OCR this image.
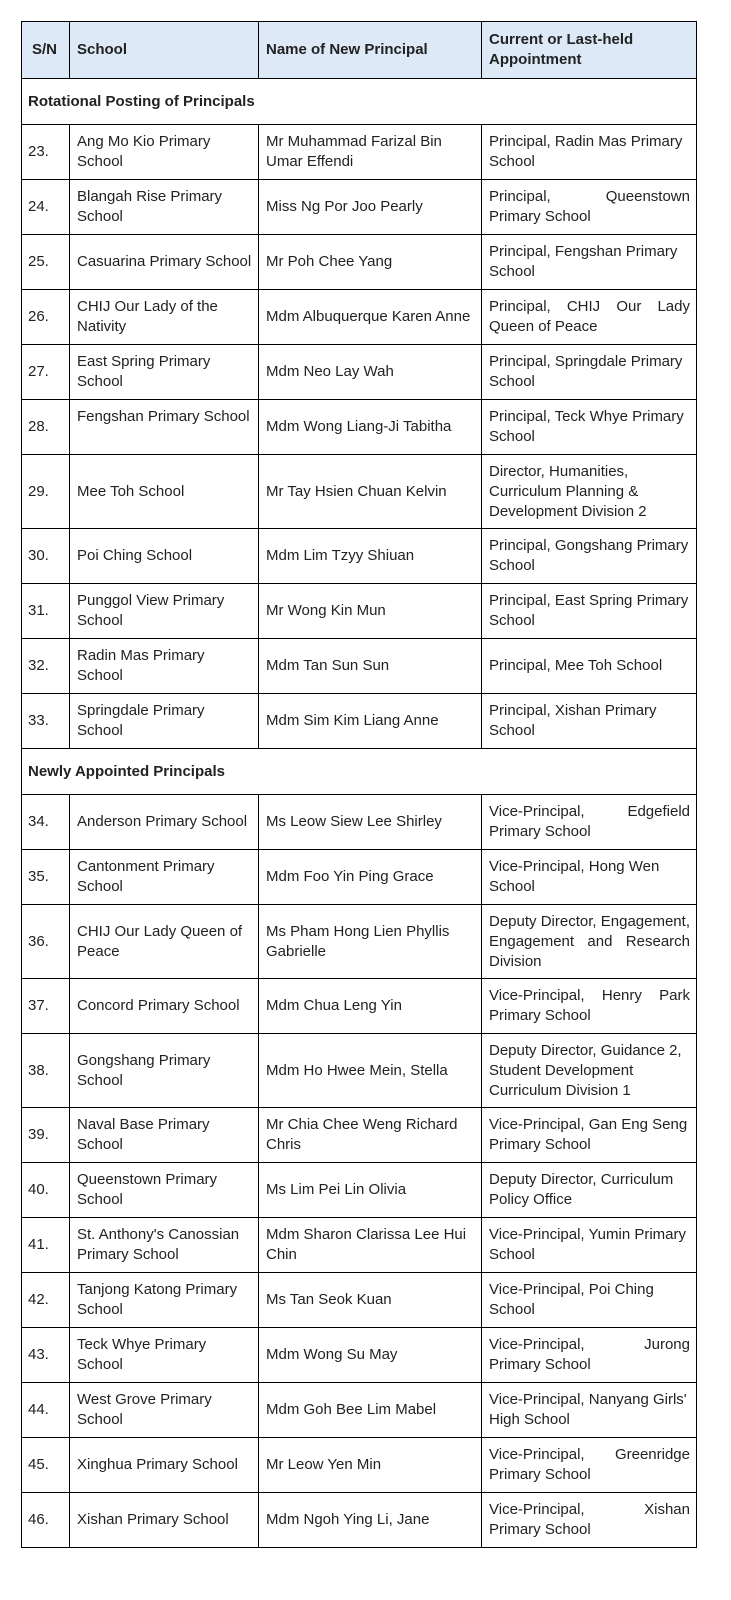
S/N	School	Name of New Principal	Current or Last-held Appointment
Rotational Posting of Principals			
23.	Ang Mo Kio Primary School	Mr Muhammad Farizal Bin Umar Effendi	Principal, Radin Mas Primary School
24.	Blangah Rise Primary School	Miss Ng Por Joo Pearly	Principal, Queenstown Primary School
25.	Casuarina Primary School	Mr Poh Chee Yang	Principal, Fengshan Primary School
26.	CHIJ Our Lady of the Nativity	Mdm Albuquerque Karen Anne	Principal, CHIJ Our Lady Queen of Peace
27.	East Spring Primary School	Mdm Neo Lay Wah	Principal, Springdale Primary School
28.	Fengshan Primary School	Mdm Wong Liang-Ji Tabitha	Principal, Teck Whye Primary School
29.	Mee Toh School	Mr Tay Hsien Chuan Kelvin	Director, Humanities, Curriculum Planning & Development Division 2
30.	Poi Ching School	Mdm Lim Tzyy Shiuan	Principal, Gongshang Primary School
31.	Punggol View Primary School	Mr Wong Kin Mun	Principal, East Spring Primary School
32.	Radin Mas Primary School	Mdm Tan Sun Sun	Principal, Mee Toh School
33.	Springdale Primary School	Mdm Sim Kim Liang Anne	Principal, Xishan Primary School
Newly Appointed Principals			
34.	Anderson Primary School	Ms Leow Siew Lee Shirley	Vice-Principal, Edgefield Primary School
35.	Cantonment Primary School	Mdm Foo Yin Ping Grace	Vice-Principal, Hong Wen School
36.	CHIJ Our Lady Queen of Peace	Ms Pham Hong Lien Phyllis Gabrielle	Deputy Director, Engagement, Engagement and Research Division
37.	Concord Primary School	Mdm Chua Leng Yin	Vice-Principal, Henry Park Primary School
38.	Gongshang Primary School	Mdm Ho Hwee Mein, Stella	Deputy Director, Guidance 2, Student Development Curriculum Division 1
39.	Naval Base Primary School	Mr Chia Chee Weng Richard Chris	Vice-Principal, Gan Eng Seng Primary School
40.	Queenstown Primary School	Ms Lim Pei Lin Olivia	Deputy Director, Curriculum Policy Office
41.	St. Anthony's Canossian Primary School	Mdm Sharon Clarissa Lee Hui Chin	Vice-Principal, Yumin Primary School
42.	Tanjong Katong Primary School	Ms Tan Seok Kuan	Vice-Principal, Poi Ching School
43.	Teck Whye Primary School	Mdm Wong Su May	Vice-Principal, Jurong Primary School
44.	West Grove Primary School	Mdm Goh Bee Lim Mabel	Vice-Principal, Nanyang Girls' High School
45.	Xinghua Primary School	Mr Leow Yen Min	Vice-Principal, Greenridge Primary School
46.	Xishan Primary School	Mdm Ngoh Ying Li, Jane	Vice-Principal, Xishan Primary School
